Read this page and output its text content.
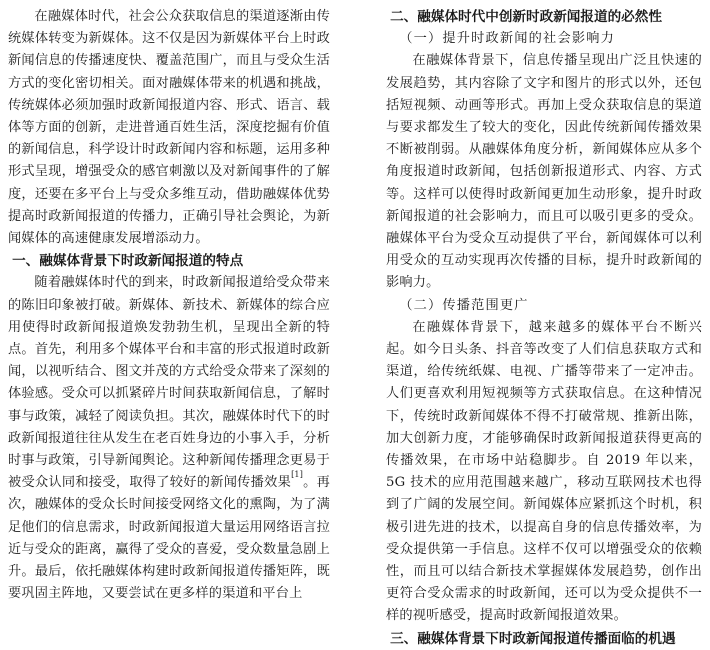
在融媒体时代，社会公众获取信息的渠道逐渐由传统媒体转变为新媒体。这不仅是因为新媒体平台上时政新闻信息的传播速度快、覆盖范围广，而且与受众生活方式的变化密切相关。面对融媒体带来的机遇和挑战，传统媒体必须加强时政新闻报道内容、形式、语言、载体等方面的创新，走进普通百姓生活，深度挖掘有价值的新闻信息，科学设计时政新闻内容和标题，运用多种形式呈现，增强受众的感官刺激以及对新闻事件的了解度，还要在多平台上与受众多维互动，借助融媒体优势提高时政新闻报道的传播力，正确引导社会舆论，为新闻媒体的高速健康发展增添动力。

一、融媒体背景下时政新闻报道的特点

随着融媒体时代的到来，时政新闻报道给受众带来的陈旧印象被打破。新媒体、新技术、新媒体的综合应用使得时政新闻报道焕发勃勃生机，呈现出全新的特点。首先，利用多个媒体平台和丰富的形式报道时政新闻，以视听结合、图文并茂的方式给受众带来了深刻的体验感。受众可以抓紧碎片时间获取新闻信息，了解时事与政策，减轻了阅读负担。其次，融媒体时代下的时政新闻报道往往从发生在老百姓身边的小事入手，分析时事与政策，引导新闻舆论。这种新闻传播理念更易于被受众认同和接受，取得了较好的新闻传播效果[1]。再次，融媒体的受众长时间接受网络文化的熏陶，为了满足他们的信息需求，时政新闻报道大量运用网络语言拉近与受众的距离，赢得了受众的喜爱，受众数量急剧上升。最后，依托融媒体构建时政新闻报道传播矩阵，既要巩固主阵地，又要尝试在更多样的渠道和平台上

二、融媒体时代中创新时政新闻报道的必然性
（一）提升时政新闻的社会影响力

在融媒体背景下，信息传播呈现出广泛且快速的发展趋势，其内容除了文字和图片的形式以外，还包括短视频、动画等形式。再加上受众获取信息的渠道与要求都发生了较大的变化，因此传统新闻传播效果不断被削弱。从融媒体角度分析，新闻媒体应从多个角度报道时政新闻，包括创新报道形式、内容、方式等。这样可以使得时政新闻更加生动形象，提升时政新闻报道的社会影响力，而且可以吸引更多的受众。融媒体平台为受众互动提供了平台，新闻媒体可以利用受众的互动实现再次传播的目标，提升时政新闻的影响力。

（二）传播范围更广

在融媒体背景下，越来越多的媒体平台不断兴起。如今日头条、抖音等改变了人们信息获取方式和渠道，给传统纸媒、电视、广播等带来了一定冲击。人们更喜欢利用短视频等方式获取信息。在这种情况下，传统时政新闻媒体不得不打破常规、推新出陈，加大创新力度，才能够确保时政新闻报道获得更高的传播效果，在市场中站稳脚步。自 2019 年以来，5G 技术的应用范围越来越广，移动互联网技术也得到了广阔的发展空间。新闻媒体应紧抓这个时机，积极引进先进的技术，以提高自身的信息传播效率，为受众提供第一手信息。这样不仅可以增强受众的依赖性，而且可以结合新技术掌握媒体发展趋势，创作出更符合受众需求的时政新闻，还可以为受众提供不一样的视听感受，提高时政新闻报道效果。

三、融媒体背景下时政新闻报道传播面临的机遇
